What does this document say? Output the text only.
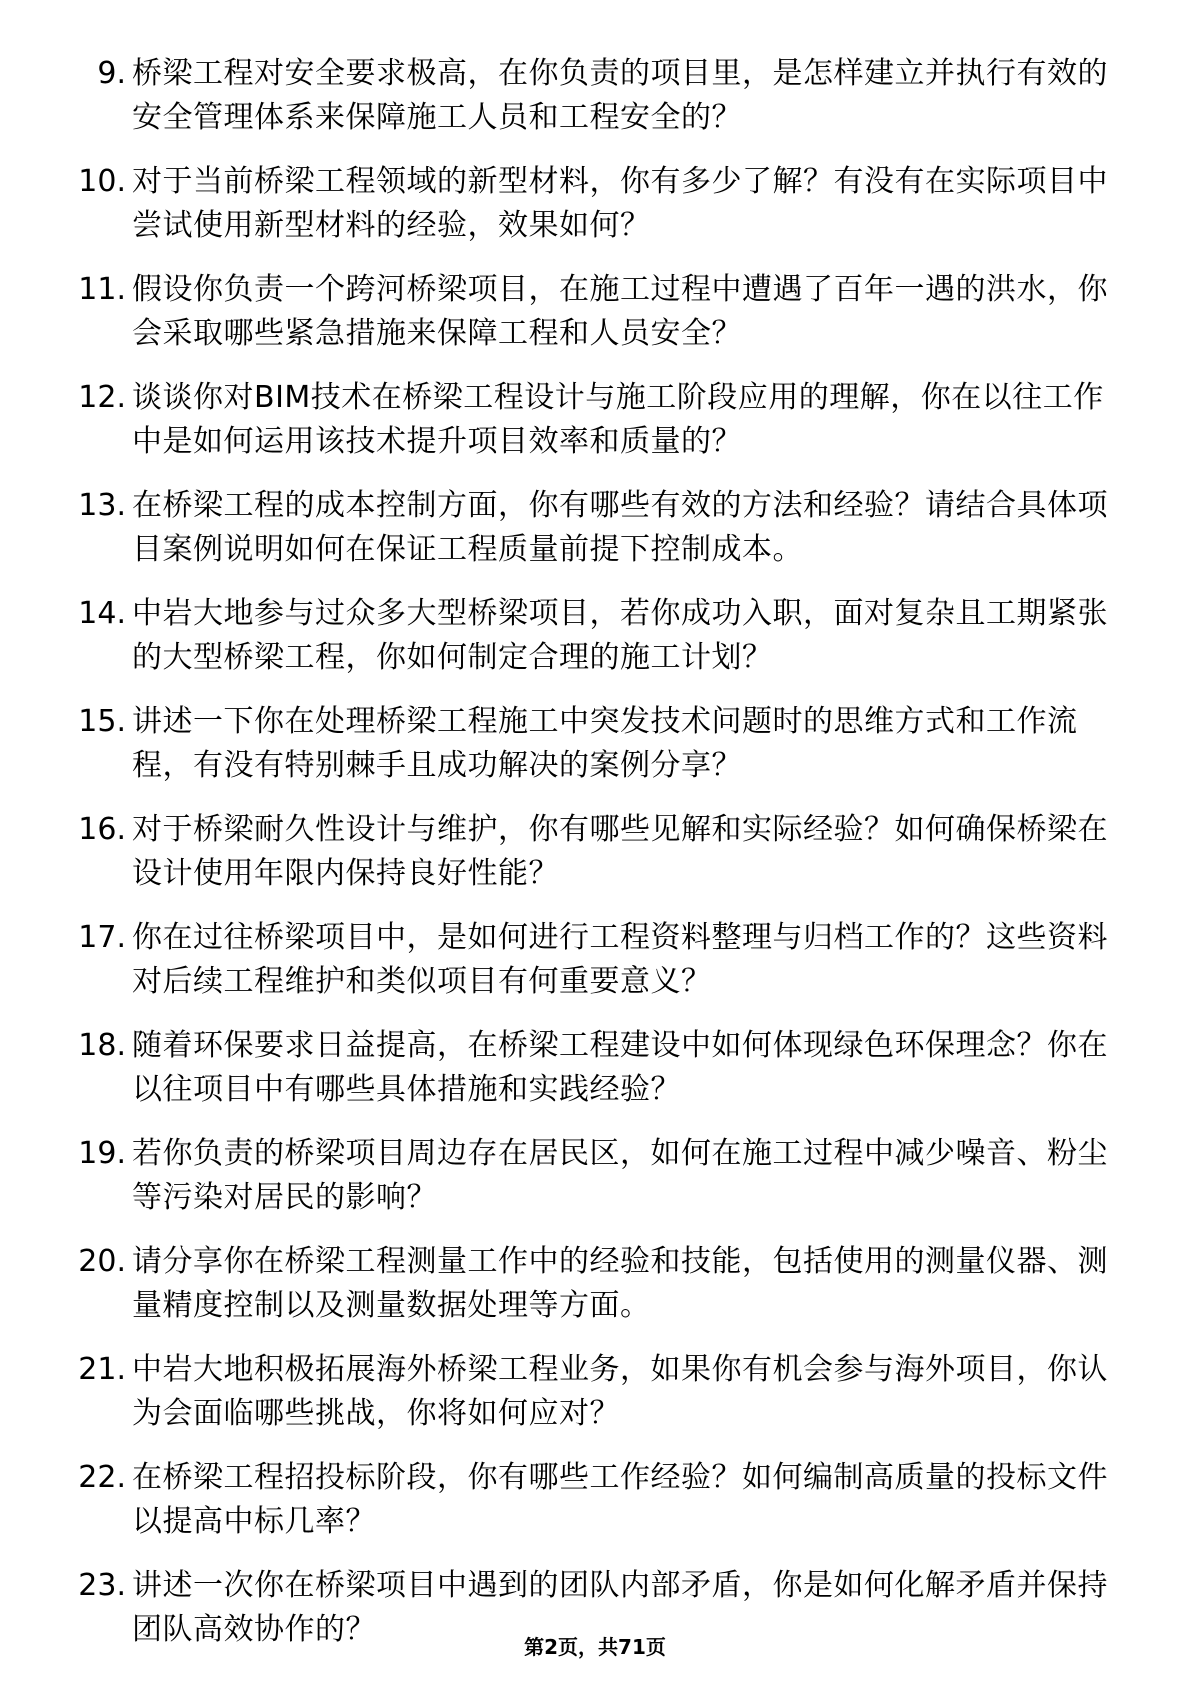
9. 桥梁工程对安全要求极高，在你负责的项目里，是怎样建立并执行有效的安全管理体系来保障施工人员和工程安全的？
10. 对于当前桥梁工程领域的新型材料，你有多少了解？有没有在实际项目中尝试使用新型材料的经验，效果如何？
11. 假设你负责一个跨河桥梁项目，在施工过程中遭遇了百年一遇的洪水，你会采取哪些紧急措施来保障工程和人员安全？
12. 谈谈你对BIM技术在桥梁工程设计与施工阶段应用的理解，你在以往工作中是如何运用该技术提升项目效率和质量的？
13. 在桥梁工程的成本控制方面，你有哪些有效的方法和经验？请结合具体项目案例说明如何在保证工程质量前提下控制成本。
14. 中岩大地参与过众多大型桥梁项目，若你成功入职，面对复杂且工期紧张的大型桥梁工程，你如何制定合理的施工计划？
15. 讲述一下你在处理桥梁工程施工中突发技术问题时的思维方式和工作流程，有没有特别棘手且成功解决的案例分享？
16. 对于桥梁耐久性设计与维护，你有哪些见解和实际经验？如何确保桥梁在设计使用年限内保持良好性能？
17. 你在过往桥梁项目中，是如何进行工程资料整理与归档工作的？这些资料对后续工程维护和类似项目有何重要意义？
18. 随着环保要求日益提高，在桥梁工程建设中如何体现绿色环保理念？你在以往项目中有哪些具体措施和实践经验？
19. 若你负责的桥梁项目周边存在居民区，如何在施工过程中减少噪音、粉尘等污染对居民的影响？
20. 请分享你在桥梁工程测量工作中的经验和技能，包括使用的测量仪器、测量精度控制以及测量数据处理等方面。
21. 中岩大地积极拓展海外桥梁工程业务，如果你有机会参与海外项目，你认为会面临哪些挑战，你将如何应对？
22. 在桥梁工程招投标阶段，你有哪些工作经验？如何编制高质量的投标文件以提高中标几率？
23. 讲述一次你在桥梁项目中遇到的团队内部矛盾，你是如何化解矛盾并保持团队高效协作的？	第2页，共71页
